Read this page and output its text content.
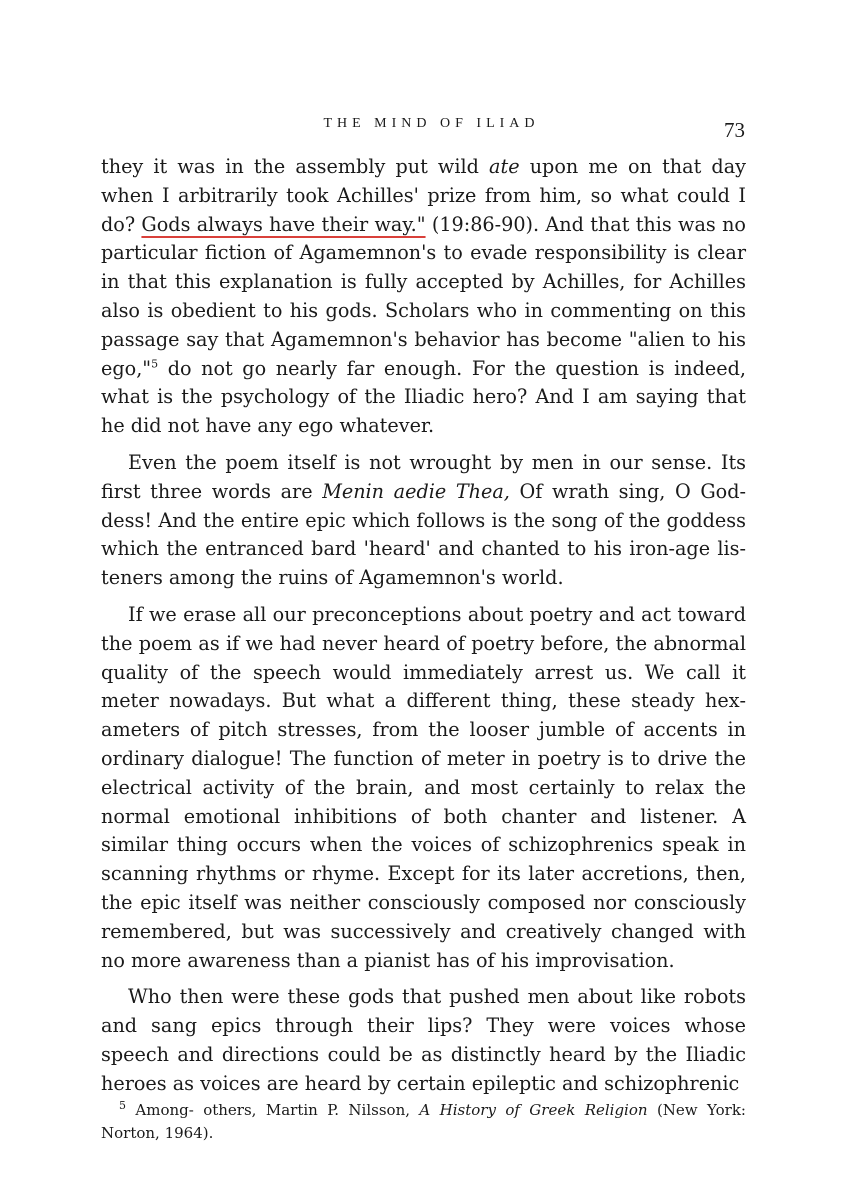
THE MIND OF ILIAD	73

they it was in the assembly put wild ate upon me on that day when I arbitrarily took Achilles' prize from him, so what could I do? Gods always have their way." (19:86-90). And that this was no particular fiction of Agamemnon's to evade responsibility is clear in that this explanation is fully accepted by Achilles, for Achilles also is obedient to his gods. Scholars who in commenting on this passage say that Agamemnon's behavior has become "alien to his ego,"$^5$ do not go nearly far enough. For the question is indeed, what is the psychology of the Iliadic hero? And I am saying that he did not have any ego whatever.

Even the poem itself is not wrought by men in our sense. Its first three words are Menin aedie Thea, Of wrath sing, O Goddess! And the entire epic which follows is the song of the goddess which the entranced bard 'heard' and chanted to his iron-age listeners among the ruins of Agamemnon's world.

If we erase all our preconceptions about poetry and act toward the poem as if we had never heard of poetry before, the abnormal quality of the speech would immediately arrest us. We call it meter nowadays. But what a different thing, these steady hexameters of pitch stresses, from the looser jumble of accents in ordinary dialogue! The function of meter in poetry is to drive the electrical activity of the brain, and most certainly to relax the normal emotional inhibitions of both chanter and listener. A similar thing occurs when the voices of schizophrenics speak in scanning rhythms or rhyme. Except for its later accretions, then, the epic itself was neither consciously composed nor consciously remembered, but was successively and creatively changed with no more awareness than a pianist has of his improvisation.

Who then were these gods that pushed men about like robots and sang epics through their lips? They were voices whose speech and directions could be as distinctly heard by the Iliadic heroes as voices are heard by certain epileptic and schizophrenic

$^5$ Among- others, Martin P. Nilsson, A History of Greek Religion (New York: Norton, 1964).
